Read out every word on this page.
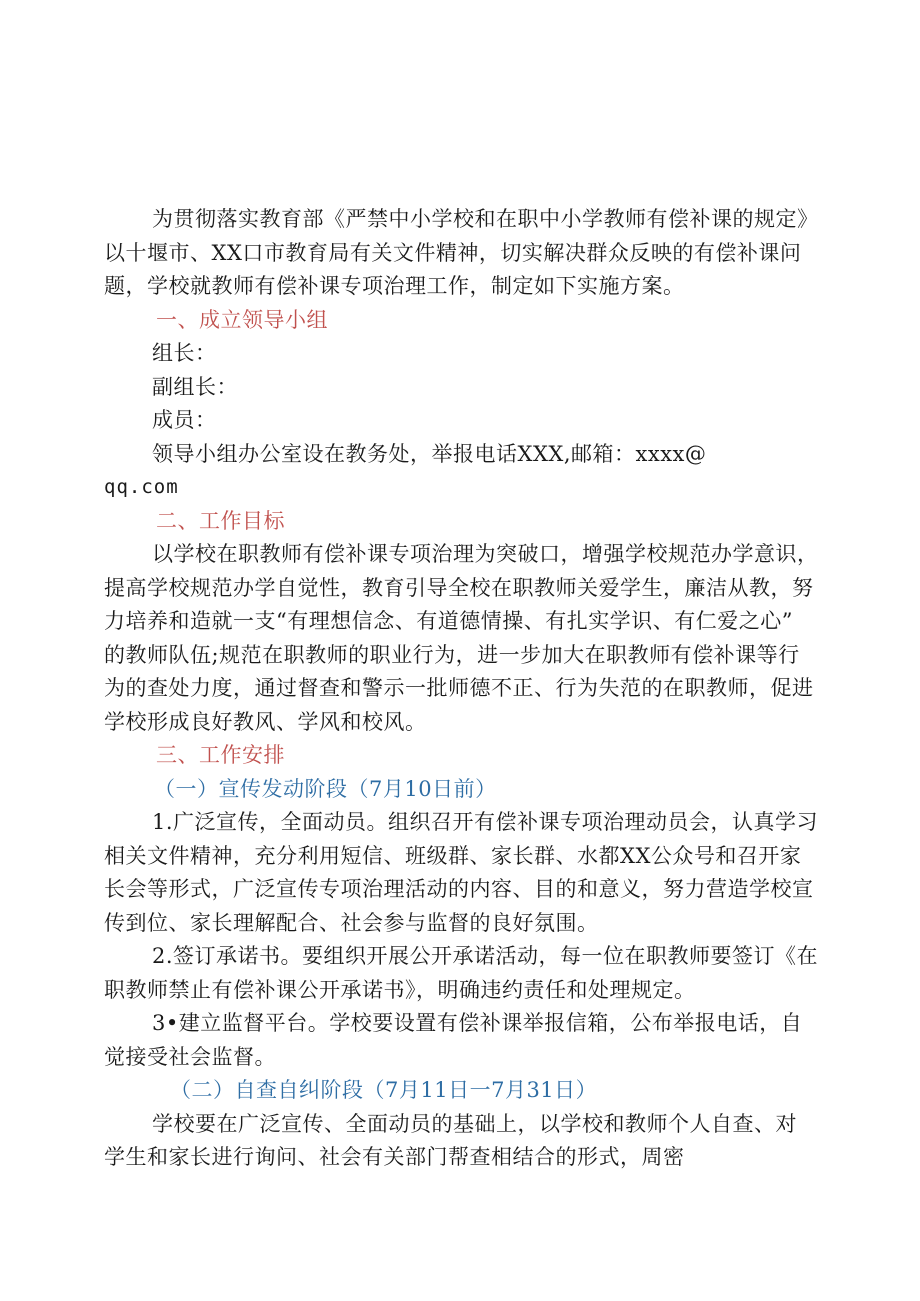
为贯彻落实教育部《严禁中小学校和在职中小学教师有偿补课的规定》
以十堰市、XX口市教育局有关文件精神，切实解决群众反映的有偿补课问
题，学校就教师有偿补课专项治理工作，制定如下实施方案。
一、成立领导小组
组长：
副组长：
成员：
领导小组办公室设在教务处，举报电话XXX,邮箱：xxxx@
qq.com
二、工作目标
以学校在职教师有偿补课专项治理为突破口，增强学校规范办学意识，
提高学校规范办学自觉性，教育引导全校在职教师关爱学生，廉洁从教，努
力培养和造就一支“有理想信念、有道德情操、有扎实学识、有仁爱之心”
的教师队伍;规范在职教师的职业行为，进一步加大在职教师有偿补课等行
为的查处力度，通过督查和警示一批师德不正、行为失范的在职教师，促进
学校形成良好教风、学风和校风。
三、工作安排
（一）宣传发动阶段（7月10日前）
1.广泛宣传，全面动员。组织召开有偿补课专项治理动员会，认真学习
相关文件精神，充分利用短信、班级群、家长群、水都XX公众号和召开家
长会等形式，广泛宣传专项治理活动的内容、目的和意义，努力营造学校宣
传到位、家长理解配合、社会参与监督的良好氛围。
2.签订承诺书。要组织开展公开承诺活动，每一位在职教师要签订《在
职教师禁止有偿补课公开承诺书》，明确违约责任和处理规定。
3•建立监督平台。学校要设置有偿补课举报信箱，公布举报电话，自
觉接受社会监督。
（二）自查自纠阶段（7月11日一7月31日）
学校要在广泛宣传、全面动员的基础上，以学校和教师个人自查、对
学生和家长进行询问、社会有关部门帮查相结合的形式，周密
